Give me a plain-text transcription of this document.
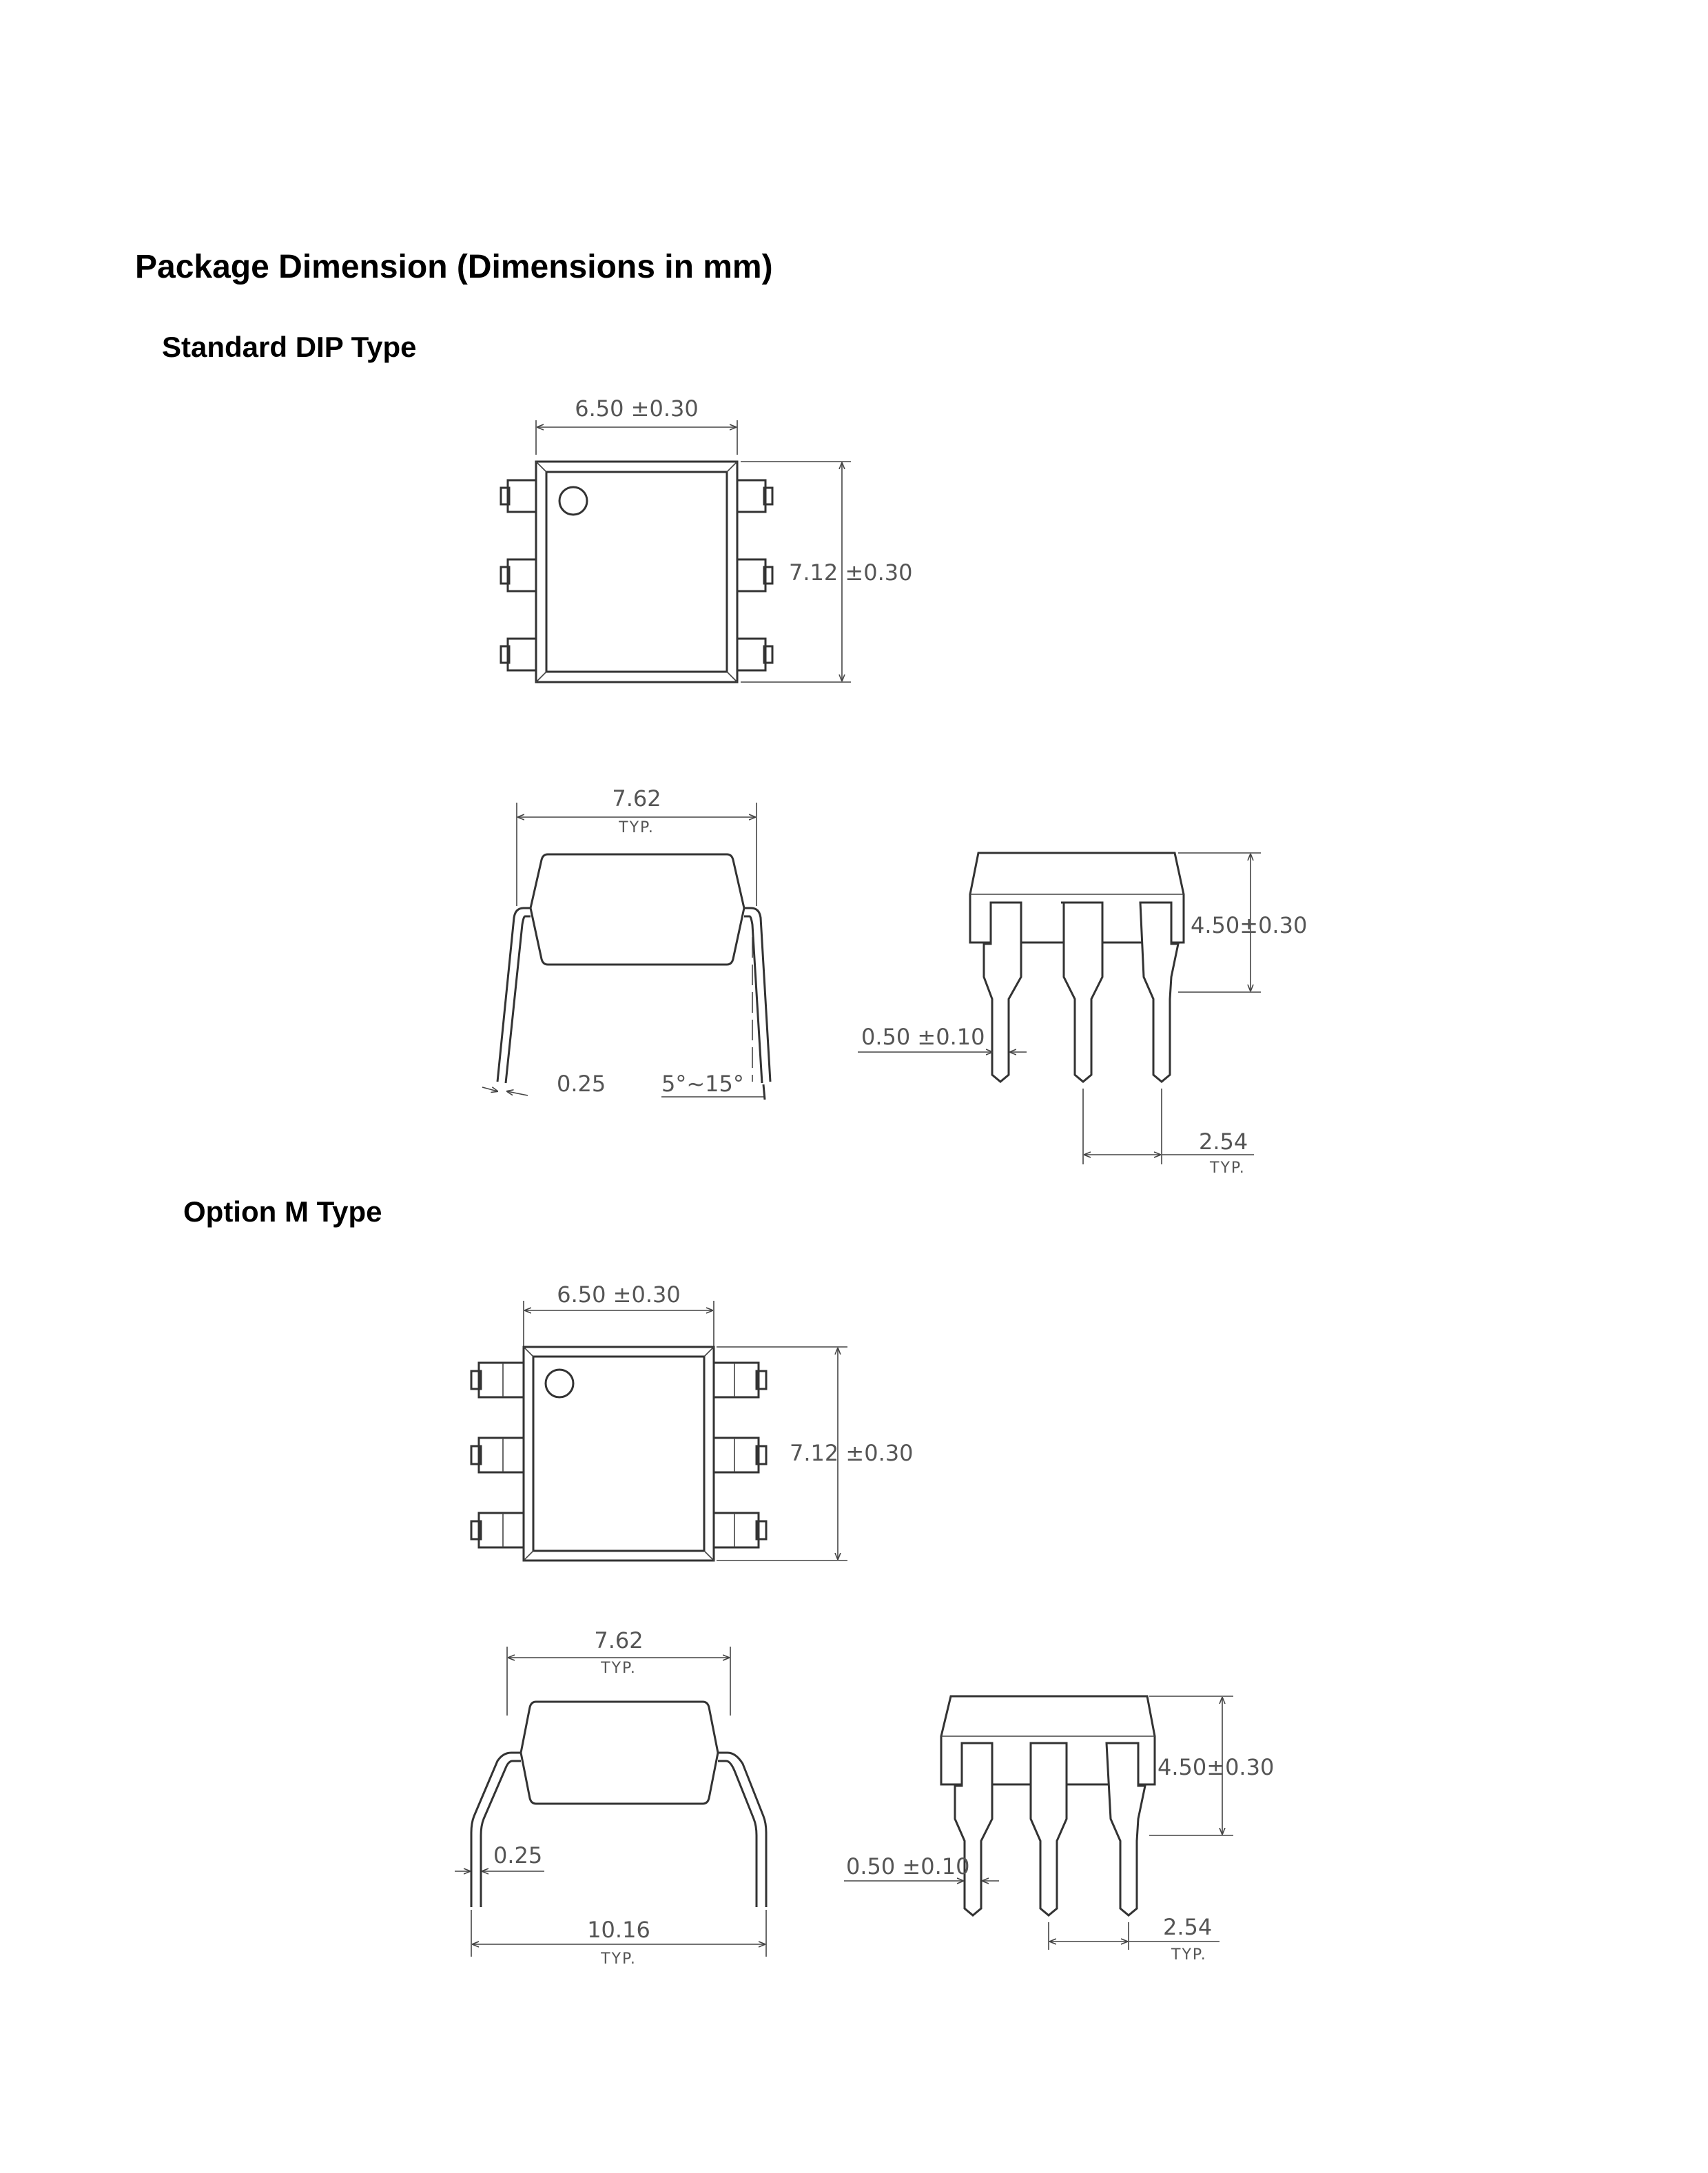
Package Dimension (Dimensions in mm)
Standard DIP Type
Option M Type
6.50 ±0.30
7.12 ±0.30
7.62
TYP.
0.25	5°~15°
4.50±0.30
0.50 ±0.10
2.54
TYP.
6.50 ±0.30
7.12 ±0.30
7.62
TYP.
0.25
10.16
TYP.
4.50±0.30
0.50 ±0.10
2.54
TYP.
